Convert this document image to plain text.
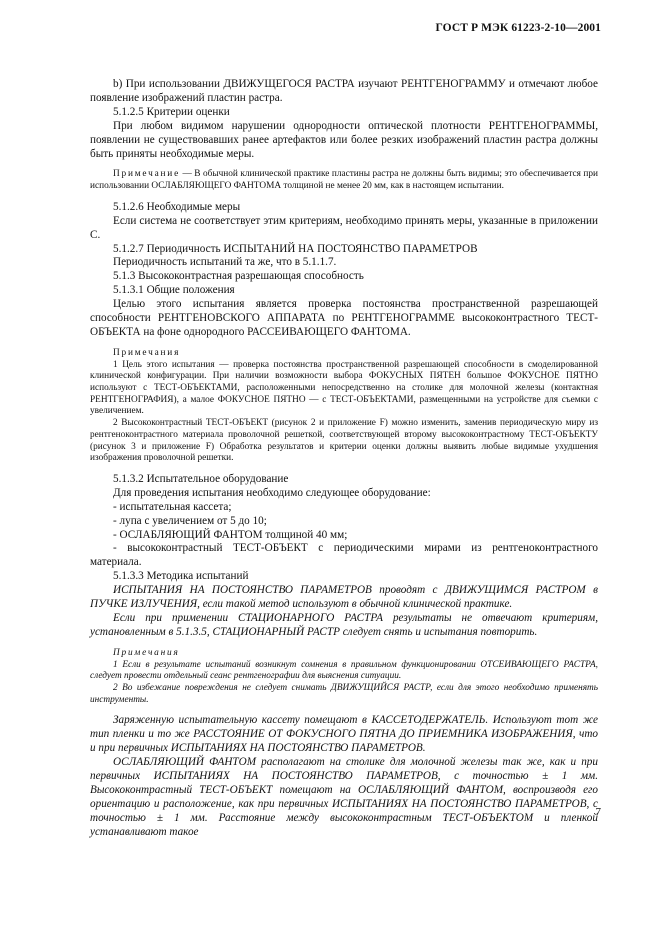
ГОСТ Р МЭК 61223-2-10—2001

b) При использовании ДВИЖУЩЕГОСЯ РАСТРА изучают РЕНТГЕНОГРАММУ и отмечают любое появление изображений пластин растра.

5.1.2.5 Критерии оценки

При любом видимом нарушении однородности оптической плотности РЕНТГЕНОГРАММЫ, появлении не существовавших ранее артефактов или более резких изображений пластин растра должны быть приняты необходимые меры.

Примечание — В обычной клинической практике пластины растра не должны быть видимы; это обеспечивается при использовании ОСЛАБЛЯЮЩЕГО ФАНТОМА толщиной не менее 20 мм, как в настоящем испытании.

5.1.2.6 Необходимые меры

Если система не соответствует этим критериям, необходимо принять меры, указанные в приложении С.

5.1.2.7 Периодичность ИСПЫТАНИЙ НА ПОСТОЯНСТВО ПАРАМЕТРОВ

Периодичность испытаний та же, что в 5.1.1.7.

5.1.3 Высококонтрастная разрешающая способность

5.1.3.1 Общие положения

Целью этого испытания является проверка постоянства пространственной разрешающей способности РЕНТГЕНОВСКОГО АППАРАТА по РЕНТГЕНОГРАММЕ высококонтрастного ТЕСТ-ОБЪЕКТА на фоне однородного РАССЕИВАЮЩЕГО ФАНТОМА.

Примечания

1 Цель этого испытания — проверка постоянства пространственной разрешающей способности в смоделированной клинической конфигурации. При наличии возможности выбора ФОКУСНЫХ ПЯТЕН большое ФОКУСНОЕ ПЯТНО используют с ТЕСТ-ОБЪЕКТАМИ, расположенными непосредственно на столике для молочной железы (контактная РЕНТГЕНОГРАФИЯ), а малое ФОКУСНОЕ ПЯТНО — с ТЕСТ-ОБЪЕКТАМИ, размещенными на устройстве для съемки с увеличением.

2 Высококонтрастный ТЕСТ-ОБЪЕКТ (рисунок 2 и приложение F) можно изменить, заменив периодическую миру из рентгеноконтрастного материала проволочной решеткой, соответствующей второму высококонтрастному ТЕСТ-ОБЪЕКТУ (рисунок 3 и приложение F) Обработка результатов и критерии оценки должны выявить любые видимые ухудшения изображения проволочной решетки.

5.1.3.2 Испытательное оборудование

Для проведения испытания необходимо следующее оборудование:

- испытательная кассета;

- лупа с увеличением от 5 до 10;

- ОСЛАБЛЯЮЩИЙ ФАНТОМ толщиной 40 мм;

- высококонтрастный ТЕСТ-ОБЪЕКТ с периодическими мирами из рентгеноконтрастного материала.

5.1.3.3 Методика испытаний

ИСПЫТАНИЯ НА ПОСТОЯНСТВО ПАРАМЕТРОВ проводят с ДВИЖУЩИМСЯ РАСТРОМ в ПУЧКЕ ИЗЛУЧЕНИЯ, если такой метод используют в обычной клинической практике.

Если при применении СТАЦИОНАРНОГО РАСТРА результаты не отвечают критериям, установленным в 5.1.3.5, СТАЦИОНАРНЫЙ РАСТР следует снять и испытания повторить.

Примечания

1 Если в результате испытаний возникнут сомнения в правильном функционировании ОТСЕИВАЮЩЕГО РАСТРА, следует провести отдельный сеанс рентгенографии для выяснения ситуации.

2 Во избежание повреждения не следует снимать ДВИЖУЩИЙСЯ РАСТР, если для этого необходимо применять инструменты.

Заряженную испытательную кассету помещают в КАССЕТОДЕРЖАТЕЛЬ. Используют тот же тип пленки и то же РАССТОЯНИЕ ОТ ФОКУСНОГО ПЯТНА ДО ПРИЕМНИКА ИЗОБРАЖЕНИЯ, что и при первичных ИСПЫТАНИЯХ НА ПОСТОЯНСТВО ПАРАМЕТРОВ.

ОСЛАБЛЯЮЩИЙ ФАНТОМ располагают на столике для молочной железы так же, как и при первичных ИСПЫТАНИЯХ НА ПОСТОЯНСТВО ПАРАМЕТРОВ, с точностью ± 1 мм. Высококонтрастный ТЕСТ-ОБЪЕКТ помещают на ОСЛАБЛЯЮЩИЙ ФАНТОМ, воспроизводя его ориентацию и расположение, как при первичных ИСПЫТАНИЯХ НА ПОСТОЯНСТВО ПАРАМЕТРОВ, с точностью ± 1 мм. Расстояние между высококонтрастным ТЕСТ-ОБЪЕКТОМ и пленкой устанавливают такое

7
